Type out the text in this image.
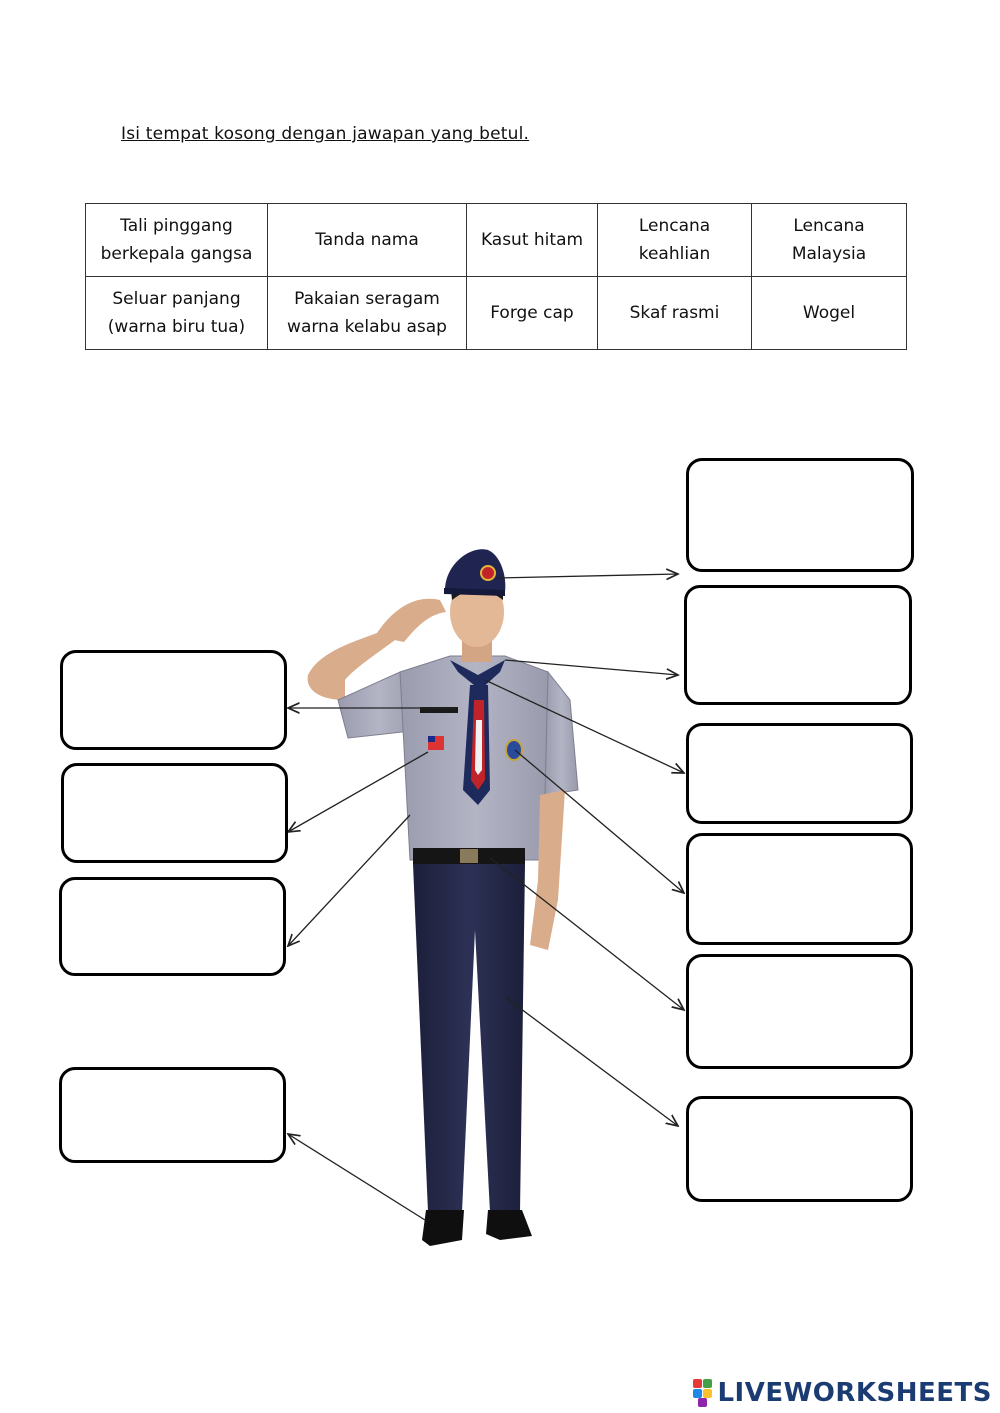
Isi tempat kosong dengan jawapan yang betul.
Tali pinggang berkepala gangsa	Tanda nama	Kasut hitam	Lencana keahlian	Lencana Malaysia
Seluar panjang (warna biru tua)	Pakaian seragam warna kelabu asap	Forge cap	Skaf rasmi	Wogel
LIVEWORKSHEETS
